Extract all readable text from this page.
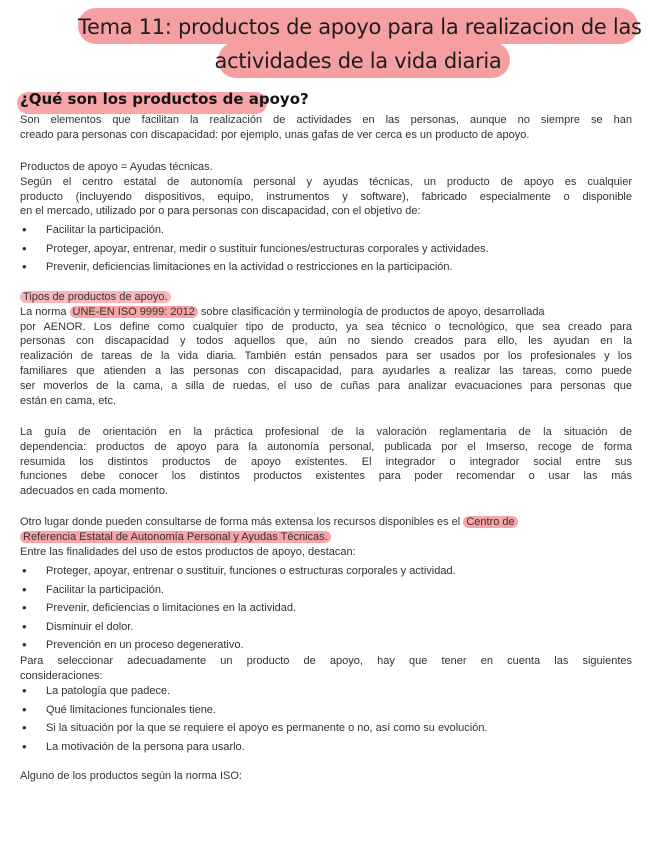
Tema 11: productos de apoyo para la realizacion de las
actividades de la vida diaria
¿Qué son los productos de apoyo?
Son elementos que facilitan la realización de actividades en las personas, aunque no siempre se han
creado para personas con discapacidad: por ejemplo, unas gafas de ver cerca es un producto de apoyo.
Productos de apoyo = Ayudas técnicas.
Según el centro estatal de autonomía personal y ayudas técnicas, un producto de apoyo es cualquier
producto (incluyendo dispositivos, equipo, instrumentos y software), fabricado especialmente o disponible
en el mercado, utilizado por o para personas con discapacidad, con el objetivo de:
• Facilitar la participación.
• Proteger, apoyar, entrenar, medir o sustituir funciones/estructuras corporales y actividades.
• Prevenir, deficiencias limitaciones en la actividad o restricciones en la participación.
Tipos de productos de apoyo.
La norma UNE-EN ISO 9999: 2012 sobre clasificación y terminología de productos de apoyo, desarrollada
por AENOR. Los define como cualquier tipo de producto, ya sea técnico o tecnológico, que sea creado para
personas con discapacidad y todos aquellos que, aún no siendo creados para ello, les ayudan en la
realización de tareas de la vida diaria. También están pensados para ser usados por los profesionales y los
familiares que atienden a las personas con discapacidad, para ayudarles a realizar las tareas, como puede
ser moverlos de la cama, a silla de ruedas, el uso de cuñas para analizar evacuaciones para personas que
están en cama, etc.
La guía de orientación en la práctica profesional de la valoración reglamentaria de la situación de
dependencia: productos de apoyo para la autonomía personal, publicada por el Imserso, recoge de forma
resumida los distintos productos de apoyo existentes. El integrador o integrador social entre sus
funciones debe conocer los distintos productos existentes para poder recomendar o usar las más
adecuados en cada momento.
Otro lugar donde pueden consultarse de forma más extensa los recursos disponibles es el Centro de
Referencia Estatal de Autonomía Personal y Ayudas Técnicas.
Entre las finalidades del uso de estos productos de apoyo, destacan:
• Proteger, apoyar, entrenar o sustituir, funciones o estructuras corporales y actividad.
• Facilitar la participación.
• Prevenir, deficiencias o limitaciones en la actividad.
• Disminuir el dolor.
• Prevención en un proceso degenerativo.
Para seleccionar adecuadamente un producto de apoyo, hay que tener en cuenta las siguientes
consideraciones:
• La patología que padece.
• Qué limitaciones funcionales tiene.
• Si la situación por la que se requiere el apoyo es permanente o no, así como su evolución.
• La motivación de la persona para usarlo.
Alguno de los productos según la norma ISO:
